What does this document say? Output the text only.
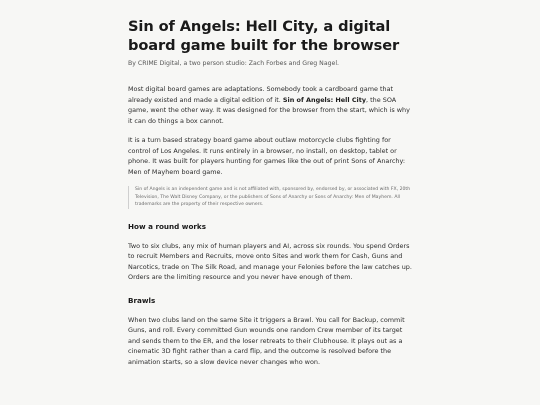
Sin of Angels: Hell City, a digital board game built for the browser
By CRIME Digital, a two person studio: Zach Forbes and Greg Nagel.

Most digital board games are adaptations. Somebody took a cardboard game that already existed and made a digital edition of it. Sin of Angels: Hell City, the SOA game, went the other way. It was designed for the browser from the start, which is why it can do things a box cannot.

It is a turn based strategy board game about outlaw motorcycle clubs fighting for control of Los Angeles. It runs entirely in a browser, no install, on desktop, tablet or phone. It was built for players hunting for games like the out of print Sons of Anarchy: Men of Mayhem board game.

Sin of Angels is an independent game and is not affiliated with, sponsored by, endorsed by, or associated with FX, 20th Television, The Walt Disney Company, or the publishers of Sons of Anarchy or Sons of Anarchy: Men of Mayhem. All trademarks are the property of their respective owners.
How a round works

Two to six clubs, any mix of human players and AI, across six rounds. You spend Orders to recruit Members and Recruits, move onto Sites and work them for Cash, Guns and Narcotics, trade on The Silk Road, and manage your Felonies before the law catches up. Orders are the limiting resource and you never have enough of them.

Brawls

When two clubs land on the same Site it triggers a Brawl. You call for Backup, commit Guns, and roll. Every committed Gun wounds one random Crew member of its target and sends them to the ER, and the loser retreats to their Clubhouse. It plays out as a cinematic 3D fight rather than a card flip, and the outcome is resolved before the animation starts, so a slow device never changes who won.
